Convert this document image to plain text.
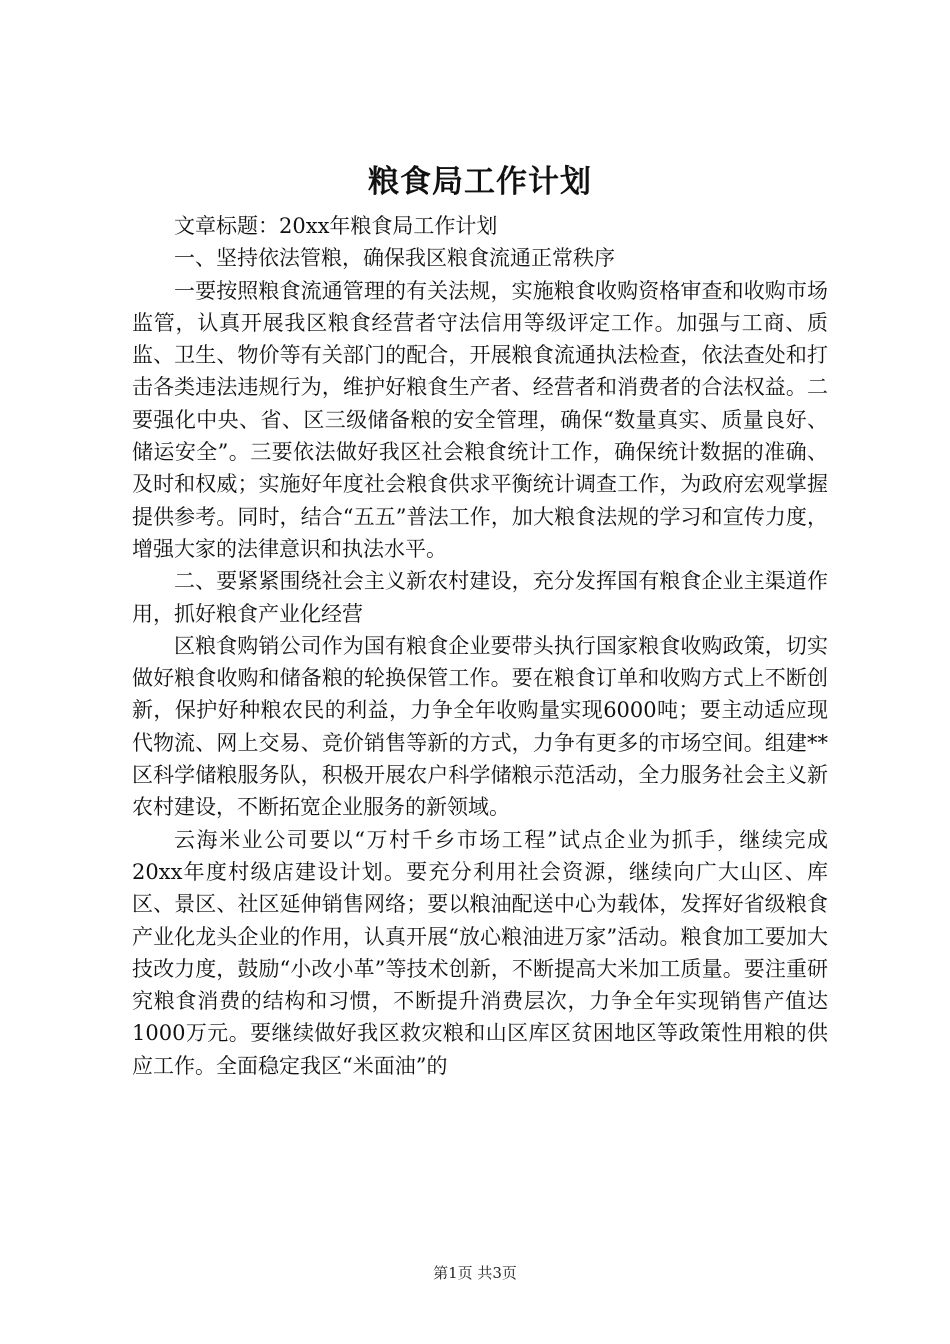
粮食局工作计划

文章标题：20xx年粮食局工作计划

一、坚持依法管粮，确保我区粮食流通正常秩序

一要按照粮食流通管理的有关法规，实施粮食收购资格审查和收购市场监管，认真开展我区粮食经营者守法信用等级评定工作。加强与工商、质监、卫生、物价等有关部门的配合，开展粮食流通执法检查，依法查处和打击各类违法违规行为，维护好粮食生产者、经营者和消费者的合法权益。二要强化中央、省、区三级储备粮的安全管理，确保“数量真实、质量良好、储运安全”。三要依法做好我区社会粮食统计工作，确保统计数据的准确、及时和权威；实施好年度社会粮食供求平衡统计调查工作，为政府宏观掌握提供参考。同时，结合“五五”普法工作，加大粮食法规的学习和宣传力度，增强大家的法律意识和执法水平。

二、要紧紧围绕社会主义新农村建设，充分发挥国有粮食企业主渠道作用，抓好粮食产业化经营

区粮食购销公司作为国有粮食企业要带头执行国家粮食收购政策，切实做好粮食收购和储备粮的轮换保管工作。要在粮食订单和收购方式上不断创新，保护好种粮农民的利益，力争全年收购量实现6000吨；要主动适应现代物流、网上交易、竞价销售等新的方式，力争有更多的市场空间。组建**区科学储粮服务队，积极开展农户科学储粮示范活动，全力服务社会主义新农村建设，不断拓宽企业服务的新领域。

云海米业公司要以“万村千乡市场工程”试点企业为抓手，继续完成20xx年度村级店建设计划。要充分利用社会资源，继续向广大山区、库区、景区、社区延伸销售网络；要以粮油配送中心为载体，发挥好省级粮食产业化龙头企业的作用，认真开展“放心粮油进万家”活动。粮食加工要加大技改力度，鼓励“小改小革”等技术创新，不断提高大米加工质量。要注重研究粮食消费的结构和习惯，不断提升消费层次，力争全年实现销售产值达1000万元。要继续做好我区救灾粮和山区库区贫困地区等政策性用粮的供应工作。全面稳定我区“米面油”的

第1页 共3页
